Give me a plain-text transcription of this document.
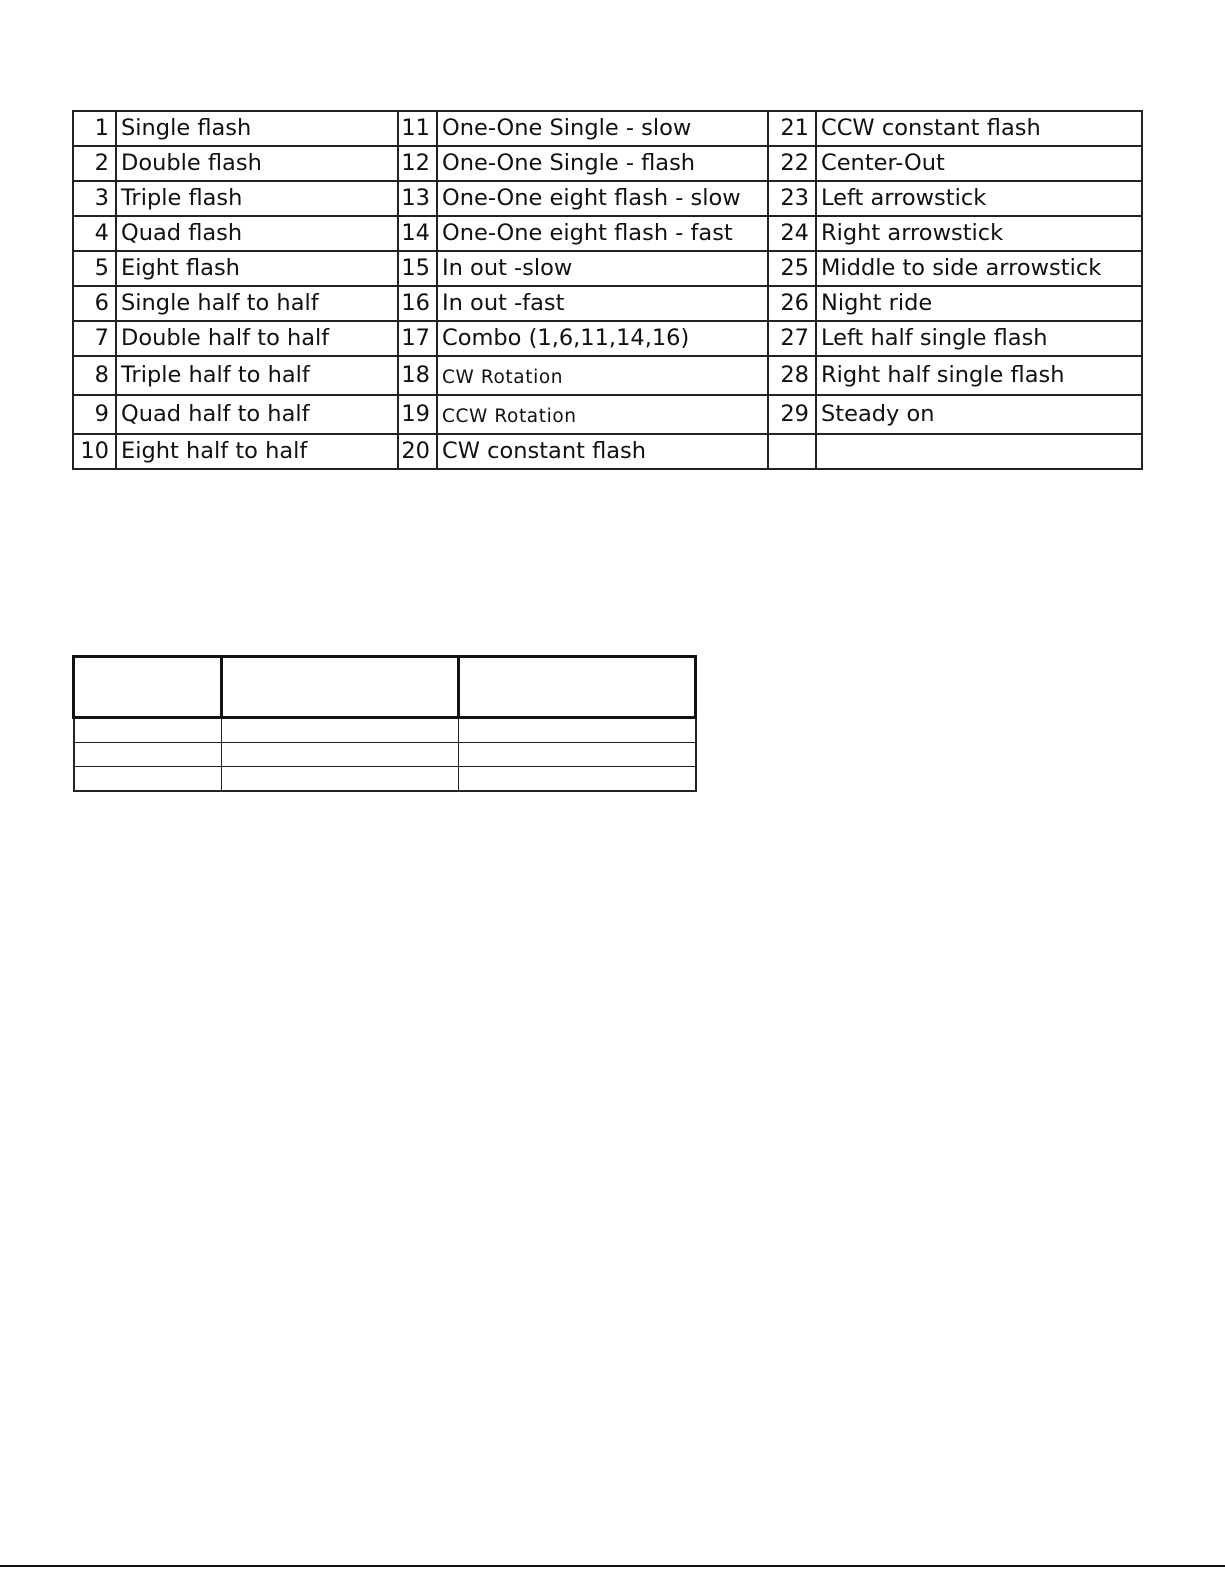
1	Single flash	11	One-One Single - slow	21	CCW constant flash
2	Double flash	12	One-One Single - flash	22	Center-Out
3	Triple flash	13	One-One eight flash - slow	23	Left arrowstick
4	Quad flash	14	One-One eight flash - fast	24	Right arrowstick
5	Eight flash	15	In out -slow	25	Middle to side arrowstick
6	Single half to half	16	In out -fast	26	Night ride
7	Double half to half	17	Combo (1,6,11,14,16)	27	Left half single flash
8	Triple half to half	18	CW Rotation	28	Right half single flash
9	Quad half to half	19	CCW Rotation	29	Steady on
10	Eight half to half	20	CW constant flash		
